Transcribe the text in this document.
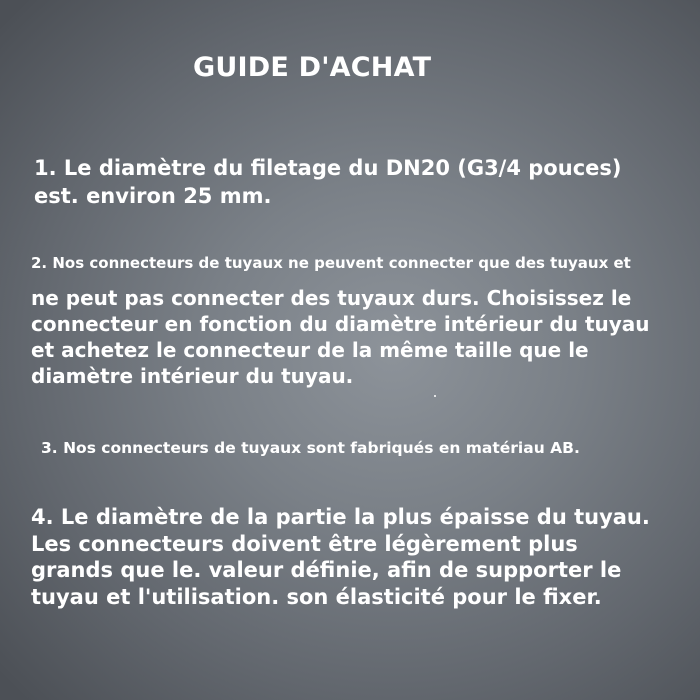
GUIDE D'ACHAT
1. Le diamètre du filetage du DN20 (G3/4 pouces)
est. environ 25 mm.
2. Nos connecteurs de tuyaux ne peuvent connecter que des tuyaux et
ne peut pas connecter des tuyaux durs. Choisissez le
connecteur en fonction du diamètre intérieur du tuyau
et achetez le connecteur de la même taille que le
diamètre intérieur du tuyau.
3. Nos connecteurs de tuyaux sont fabriqués en matériau AB.
4. Le diamètre de la partie la plus épaisse du tuyau.
Les connecteurs doivent être légèrement plus
grands que le. valeur définie, afin de supporter le
tuyau et l'utilisation. son élasticité pour le fixer.
